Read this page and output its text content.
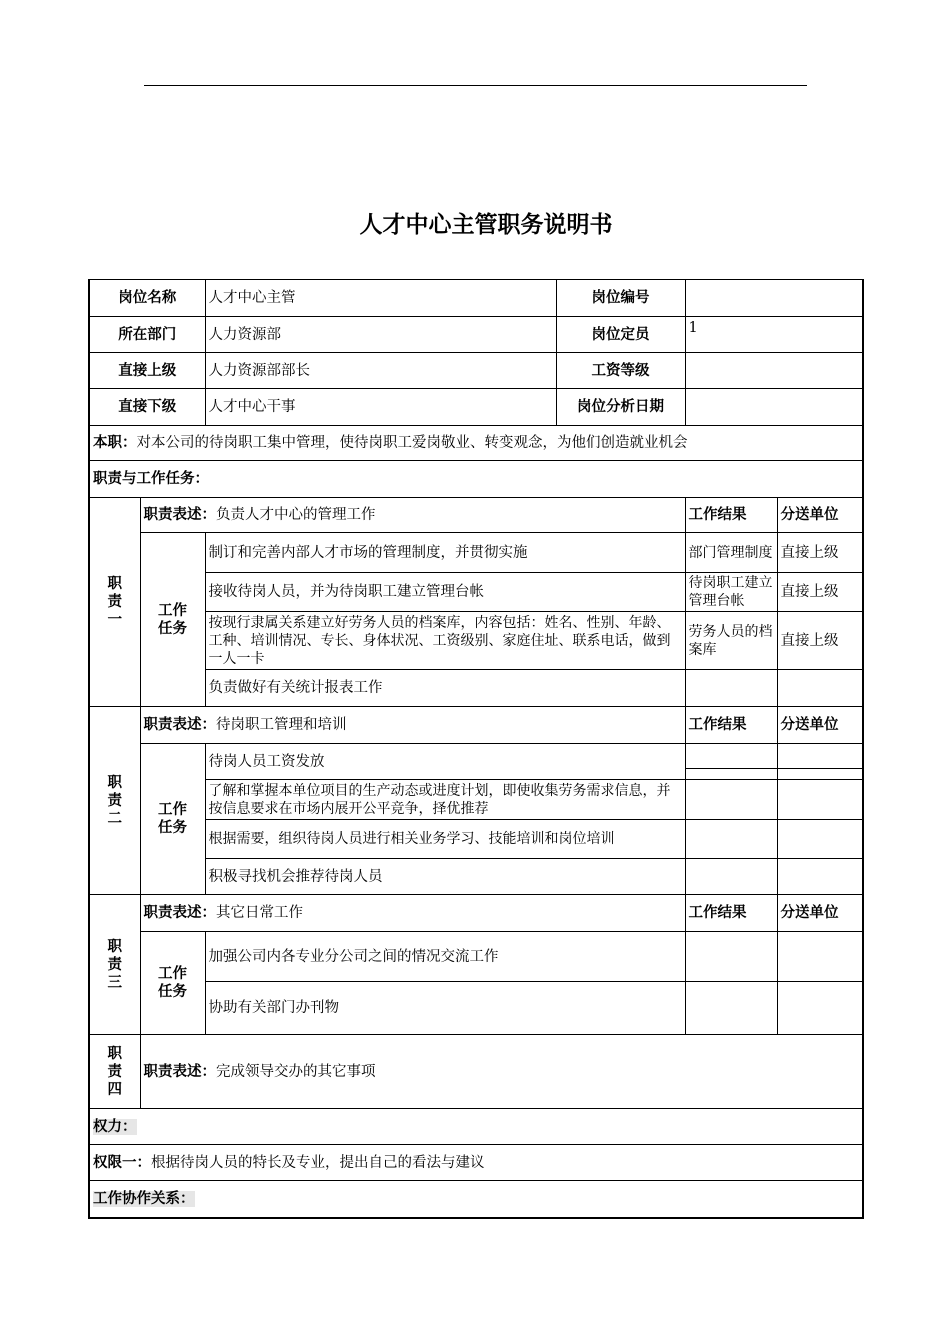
人才中心主管职务说明书
岗位名称		人才中心主管	岗位编号		
所在部门		人力资源部	岗位定员	1	
直接上级		人力资源部部长	工资等级		
直接下级		人才中心干事	岗位分析日期		
本职：对本公司的待岗职工集中管理，使待岗职工爱岗敬业、转变观念，为他们创造就业机会					
职责与工作任务：					
职
责
一	职责表述：负责人才中心的管理工作			工作结果	分送单位
	工作
任务	制订和完善内部人才市场的管理制度，并贯彻实施		部门管理制度	直接上级
		接收待岗人员，并为待岗职工建立管理台帐		待岗职工建立管理台帐	直接上级
		按现行隶属关系建立好劳务人员的档案库，内容包括：姓名、性别、年龄、工种、培训情况、专长、身体状况、工资级别、家庭住址、联系电话，做到一人一卡		劳务人员的档案库	直接上级
		负责做好有关统计报表工作			
职
责
二	职责表述：待岗职工管理和培训			工作结果	分送单位
	工作
任务	待岗人员工资发放		

		了解和掌握本单位项目的生产动态或进度计划，即使收集劳务需求信息，并按信息要求在市场内展开公平竞争，择优推荐			
		根据需要，组织待岗人员进行相关业务学习、技能培训和岗位培训			
		积极寻找机会推荐待岗人员			
职
责
三	职责表述：其它日常工作			工作结果	分送单位
	工作
任务	加强公司内各专业分公司之间的情况交流工作			
		协助有关部门办刊物			
职
责
四	职责表述：完成领导交办的其它事项				
权力：					
权限一：根据待岗人员的特长及专业，提出自己的看法与建议					
工作协作关系：					
